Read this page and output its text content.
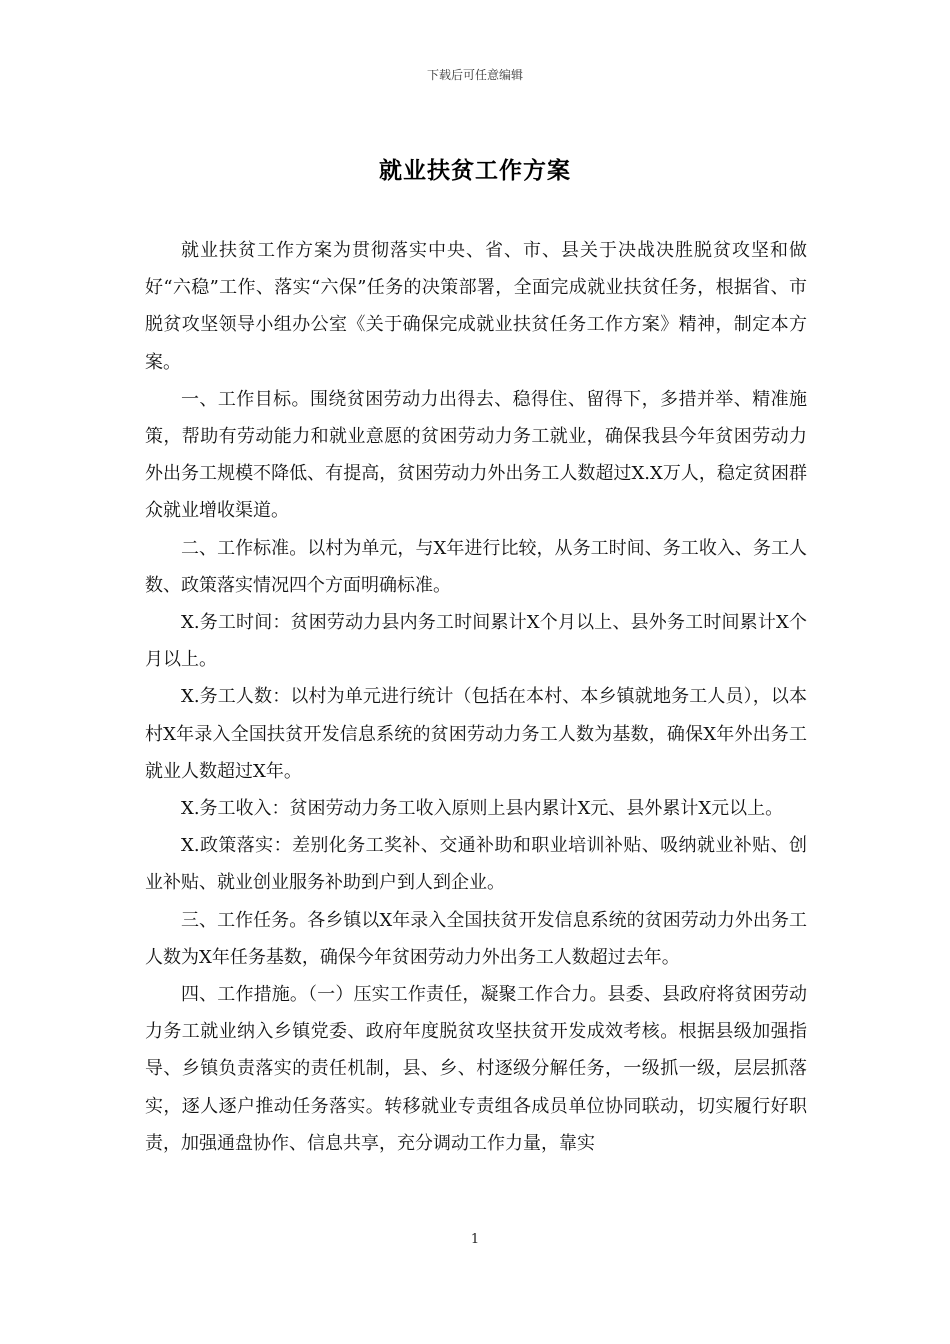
下载后可任意编辑
就业扶贫工作方案

就业扶贫工作方案为贯彻落实中央、省、市、县关于决战决胜脱贫攻坚和做好“六稳”工作、落实“六保”任务的决策部署，全面完成就业扶贫任务，根据省、市脱贫攻坚领导小组办公室《关于确保完成就业扶贫任务工作方案》精神，制定本方案。

一、工作目标。围绕贫困劳动力出得去、稳得住、留得下，多措并举、精准施策，帮助有劳动能力和就业意愿的贫困劳动力务工就业，确保我县今年贫困劳动力外出务工规模不降低、有提高，贫困劳动力外出务工人数超过X.X万人，稳定贫困群众就业增收渠道。

二、工作标准。以村为单元，与X年进行比较，从务工时间、务工收入、务工人数、政策落实情况四个方面明确标准。

X.务工时间：贫困劳动力县内务工时间累计X个月以上、县外务工时间累计X个月以上。

X.务工人数：以村为单元进行统计（包括在本村、本乡镇就地务工人员），以本村X年录入全国扶贫开发信息系统的贫困劳动力务工人数为基数，确保X年外出务工就业人数超过X年。

X.务工收入：贫困劳动力务工收入原则上县内累计X元、县外累计X元以上。

X.政策落实：差别化务工奖补、交通补助和职业培训补贴、吸纳就业补贴、创业补贴、就业创业服务补助到户到人到企业。

三、工作任务。各乡镇以X年录入全国扶贫开发信息系统的贫困劳动力外出务工人数为X年任务基数，确保今年贫困劳动力外出务工人数超过去年。

四、工作措施。（一）压实工作责任，凝聚工作合力。县委、县政府将贫困劳动力务工就业纳入乡镇党委、政府年度脱贫攻坚扶贫开发成效考核。根据县级加强指导、乡镇负责落实的责任机制，县、乡、村逐级分解任务，一级抓一级，层层抓落实，逐人逐户推动任务落实。转移就业专责组各成员单位协同联动，切实履行好职责，加强通盘协作、信息共享，充分调动工作力量，靠实

1
